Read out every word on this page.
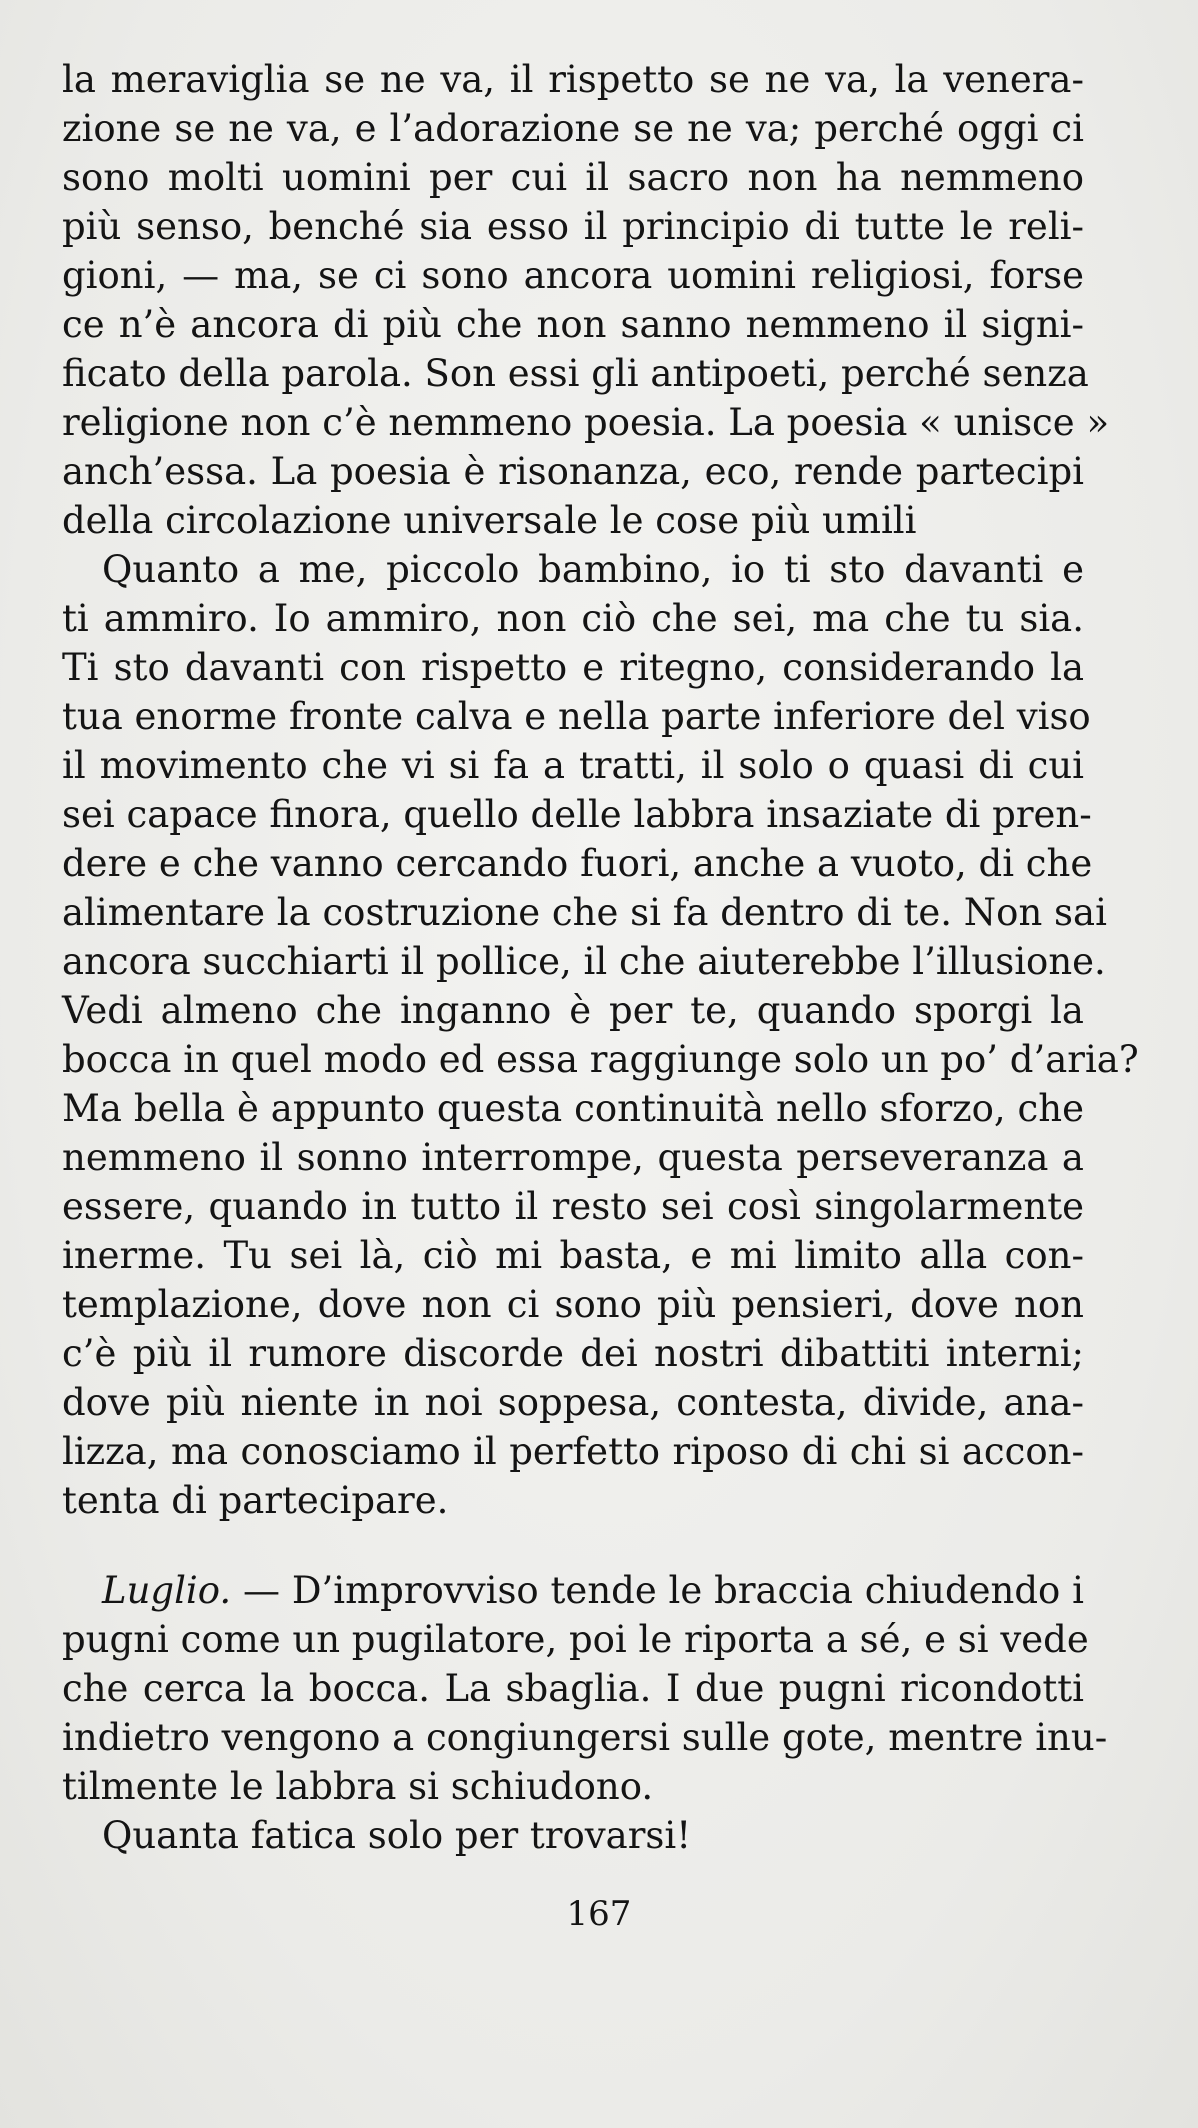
la meraviglia se ne va, il rispetto se ne va, la venera-
zione se ne va, e l’adorazione se ne va; perché oggi ci
sono molti uomini per cui il sacro non ha nemmeno
più senso, benché sia esso il principio di tutte le reli-
gioni, — ma, se ci sono ancora uomini religiosi, forse
ce n’è ancora di più che non sanno nemmeno il signi-
ficato della parola. Son essi gli antipoeti, perché senza
religione non c’è nemmeno poesia. La poesia « unisce »
anch’essa. La poesia è risonanza, eco, rende partecipi
della circolazione universale le cose più umili
Quanto a me, piccolo bambino, io ti sto davanti e
ti ammiro. Io ammiro, non ciò che sei, ma che tu sia.
Ti sto davanti con rispetto e ritegno, considerando la
tua enorme fronte calva e nella parte inferiore del viso
il movimento che vi si fa a tratti, il solo o quasi di cui
sei capace finora, quello delle labbra insaziate di pren-
dere e che vanno cercando fuori, anche a vuoto, di che
alimentare la costruzione che si fa dentro di te. Non sai
ancora succhiarti il pollice, il che aiuterebbe l’illusione.
Vedi almeno che inganno è per te, quando sporgi la
bocca in quel modo ed essa raggiunge solo un po’ d’aria?
Ma bella è appunto questa continuità nello sforzo, che
nemmeno il sonno interrompe, questa perseveranza a
essere, quando in tutto il resto sei così singolarmente
inerme. Tu sei là, ciò mi basta, e mi limito alla con-
templazione, dove non ci sono più pensieri, dove non
c’è più il rumore discorde dei nostri dibattiti interni;
dove più niente in noi soppesa, contesta, divide, ana-
lizza, ma conosciamo il perfetto riposo di chi si accon-
tenta di partecipare.
Luglio. — D’improvviso tende le braccia chiudendo i
pugni come un pugilatore, poi le riporta a sé, e si vede
che cerca la bocca. La sbaglia. I due pugni ricondotti
indietro vengono a congiungersi sulle gote, mentre inu-
tilmente le labbra si schiudono.
Quanta fatica solo per trovarsi!
167
